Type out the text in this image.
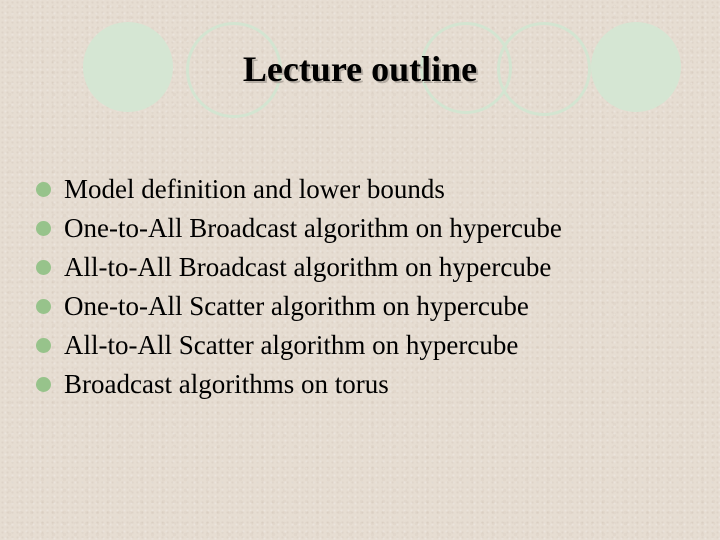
Lecture outline
Model definition and lower bounds
One-to-All Broadcast algorithm on hypercube
All-to-All Broadcast algorithm on hypercube
One-to-All Scatter algorithm on hypercube
All-to-All Scatter algorithm on hypercube
Broadcast algorithms on torus
